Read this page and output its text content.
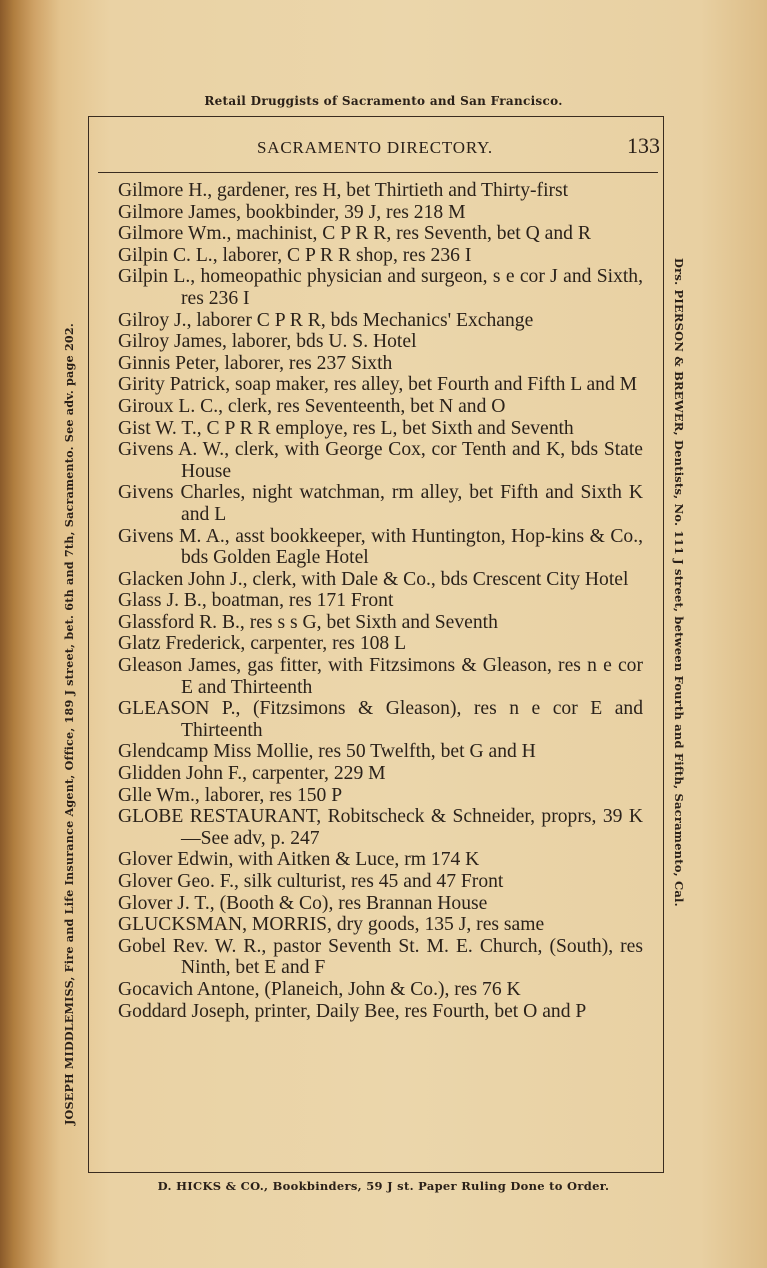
Retail Druggists of Sacramento and San Francisco.
SACRAMENTO DIRECTORY.	133
Gilmore H., gardener, res H, bet Thirtieth and Thirty-first
Gilmore James, bookbinder, 39 J, res 218 M
Gilmore Wm., machinist, C P R R, res Seventh, bet Q and R
Gilpin C. L., laborer, C P R R shop, res 236 I
Gilpin L., homeopathic physician and surgeon, s e cor J and Sixth, res 236 I
Gilroy J., laborer C P R R, bds Mechanics' Exchange
Gilroy James, laborer, bds U. S. Hotel
Ginnis Peter, laborer, res 237 Sixth
Girity Patrick, soap maker, res alley, bet Fourth and Fifth L and M
Giroux L. C., clerk, res Seventeenth, bet N and O
Gist W. T., C P R R employe, res L, bet Sixth and Seventh
Givens A. W., clerk, with George Cox, cor Tenth and K, bds State House
Givens Charles, night watchman, rm alley, bet Fifth and Sixth K and L
Givens M. A., asst bookkeeper, with Huntington, Hop-kins & Co., bds Golden Eagle Hotel
Glacken John J., clerk, with Dale & Co., bds Crescent City Hotel
Glass J. B., boatman, res 171 Front
Glassford R. B., res s s G, bet Sixth and Seventh
Glatz Frederick, carpenter, res 108 L
Gleason James, gas fitter, with Fitzsimons & Gleason, res n e cor E and Thirteenth
GLEASON P., (Fitzsimons & Gleason), res n e cor E and Thirteenth
Glendcamp Miss Mollie, res 50 Twelfth, bet G and H
Glidden John F., carpenter, 229 M
Glle Wm., laborer, res 150 P
GLOBE RESTAURANT, Robitscheck & Schneider, proprs, 39 K—See adv, p. 247
Glover Edwin, with Aitken & Luce, rm 174 K
Glover Geo. F., silk culturist, res 45 and 47 Front
Glover J. T., (Booth & Co), res Brannan House
GLUCKSMAN, MORRIS, dry goods, 135 J, res same
Gobel Rev. W. R., pastor Seventh St. M. E. Church, (South), res Ninth, bet E and F
Gocavich Antone, (Planeich, John & Co.), res 76 K
Goddard Joseph, printer, Daily Bee, res Fourth, bet O and P
JOSEPH MIDDLEMISS, Fire and Life Insurance Agent, Office, 189 J street, bet. 6th and 7th, Sacramento. See adv. page 202.	Drs. PIERSON & BREWER, Dentists, No. 111 J street, between Fourth and Fifth, Sacramento, Cal.
D. HICKS & CO., Bookbinders, 59 J st. Paper Ruling Done to Order.
